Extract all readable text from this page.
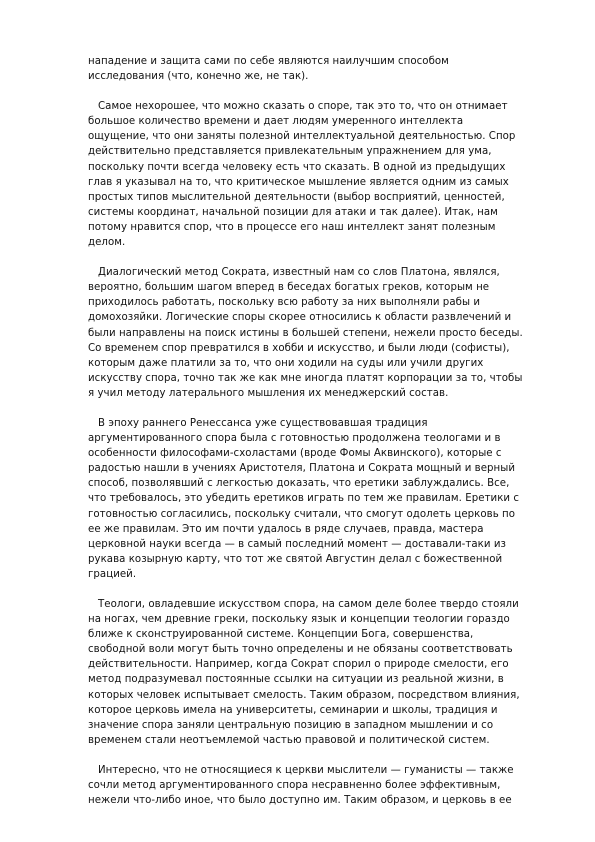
нападение и защита сами по себе являются наилучшим способом
исследования (что, конечно же, не так).

Самое нехорошее, что можно сказать о споре, так это то, что он отнимает
большое количество времени и дает людям умеренного интеллекта
ощущение, что они заняты полезной интеллектуальной деятельностью. Спор
действительно представляется привлекательным упражнением для ума,
поскольку почти всегда человеку есть что сказать. В одной из предыдущих
глав я указывал на то, что критическое мышление является одним из самых
простых типов мыслительной деятельности (выбор восприятий, ценностей,
системы координат, начальной позиции для атаки и так далее). Итак, нам
потому нравится спор, что в процессе его наш интеллект занят полезным
делом.

Диалогический метод Сократа, известный нам со слов Платона, являлся,
вероятно, большим шагом вперед в беседах богатых греков, которым не
приходилось работать, поскольку всю работу за них выполняли рабы и
домохозяйки. Логические споры скорее относились к области развлечений и
были направлены на поиск истины в большей степени, нежели просто беседы.
Со временем спор превратился в хобби и искусство, и были люди (софисты),
которым даже платили за то, что они ходили на суды или учили других
искусству спора, точно так же как мне иногда платят корпорации за то, чтобы
я учил методу латерального мышления их менеджерский состав.

В эпоху раннего Ренессанса уже существовавшая традиция
аргументированного спора была с готовностью продолжена теологами и в
особенности философами-схоластами (вроде Фомы Аквинского), которые с
радостью нашли в учениях Аристотеля, Платона и Сократа мощный и верный
способ, позволявший с легкостью доказать, что еретики заблуждались. Все,
что требовалось, это убедить еретиков играть по тем же правилам. Еретики с
готовностью согласились, поскольку считали, что смогут одолеть церковь по
ее же правилам. Это им почти удалось в ряде случаев, правда, мастера
церковной науки всегда — в самый последний момент — доставали-таки из
рукава козырную карту, что тот же святой Августин делал с божественной
грацией.

Теологи, овладевшие искусством спора, на самом деле более твердо стояли
на ногах, чем древние греки, поскольку язык и концепции теологии гораздо
ближе к сконструированной системе. Концепции Бога, совершенства,
свободной воли могут быть точно определены и не обязаны соответствовать
действительности. Например, когда Сократ спорил о природе смелости, его
метод подразумевал постоянные ссылки на ситуации из реальной жизни, в
которых человек испытывает смелость. Таким образом, посредством влияния,
которое церковь имела на университеты, семинарии и школы, традиция и
значение спора заняли центральную позицию в западном мышлении и со
временем стали неотъемлемой частью правовой и политической систем.

Интересно, что не относящиеся к церкви мыслители — гуманисты — также
сочли метод аргументированного спора несравненно более эффективным,
нежели что-либо иное, что было доступно им. Таким образом, и церковь в ее
